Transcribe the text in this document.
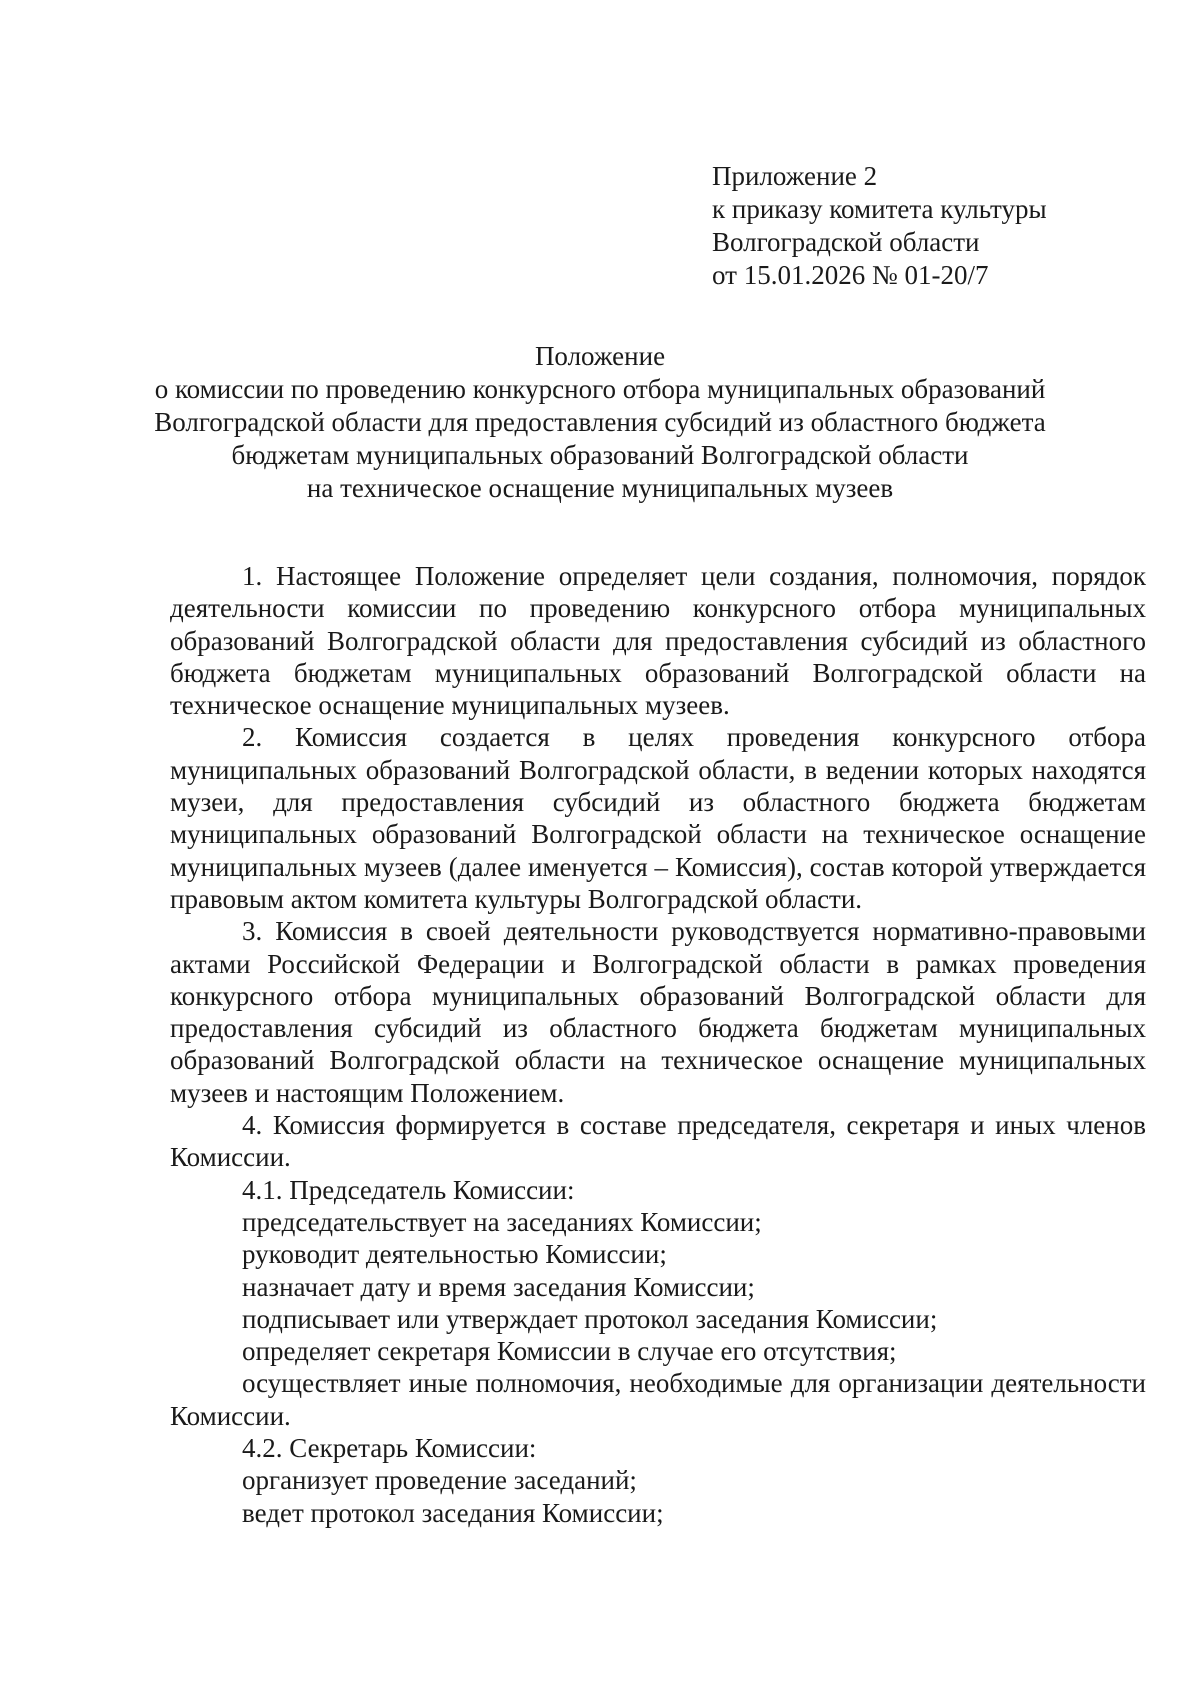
Приложение 2
к приказу комитета культуры
Волгоградской области
от 15.01.2026 № 01-20/7
Положение
о комиссии по проведению конкурсного отбора муниципальных образований
Волгоградской области для предоставления субсидий из областного бюджета
бюджетам муниципальных образований Волгоградской области
на техническое оснащение муниципальных музеев

1. Настоящее Положение определяет цели создания, полномочия, порядок деятельности комиссии по проведению конкурсного отбора муниципальных образований Волгоградской области для предоставления субсидий из областного бюджета бюджетам муниципальных образований Волгоградской области на техническое оснащение муниципальных музеев.

2. Комиссия создается в целях проведения конкурсного отбора муниципальных образований Волгоградской области, в ведении которых находятся музеи, для предоставления субсидий из областного бюджета бюджетам муниципальных образований Волгоградской области на техническое оснащение муниципальных музеев (далее именуется – Комиссия), состав которой утверждается правовым актом комитета культуры Волгоградской области.

3. Комиссия в своей деятельности руководствуется нормативно-правовыми актами Российской Федерации и Волгоградской области в рамках проведения конкурсного отбора муниципальных образований Волгоградской области для предоставления субсидий из областного бюджета бюджетам муниципальных образований Волгоградской области на техническое оснащение муниципальных музеев и настоящим Положением.

4. Комиссия формируется в составе председателя, секретаря и иных членов Комиссии.

4.1. Председатель Комиссии:

председательствует на заседаниях Комиссии;

руководит деятельностью Комиссии;

назначает дату и время заседания Комиссии;

подписывает или утверждает протокол заседания Комиссии;

определяет секретаря Комиссии в случае его отсутствия;

осуществляет иные полномочия, необходимые для организации деятельности Комиссии.

4.2. Секретарь Комиссии:

организует проведение заседаний;

ведет протокол заседания Комиссии;
